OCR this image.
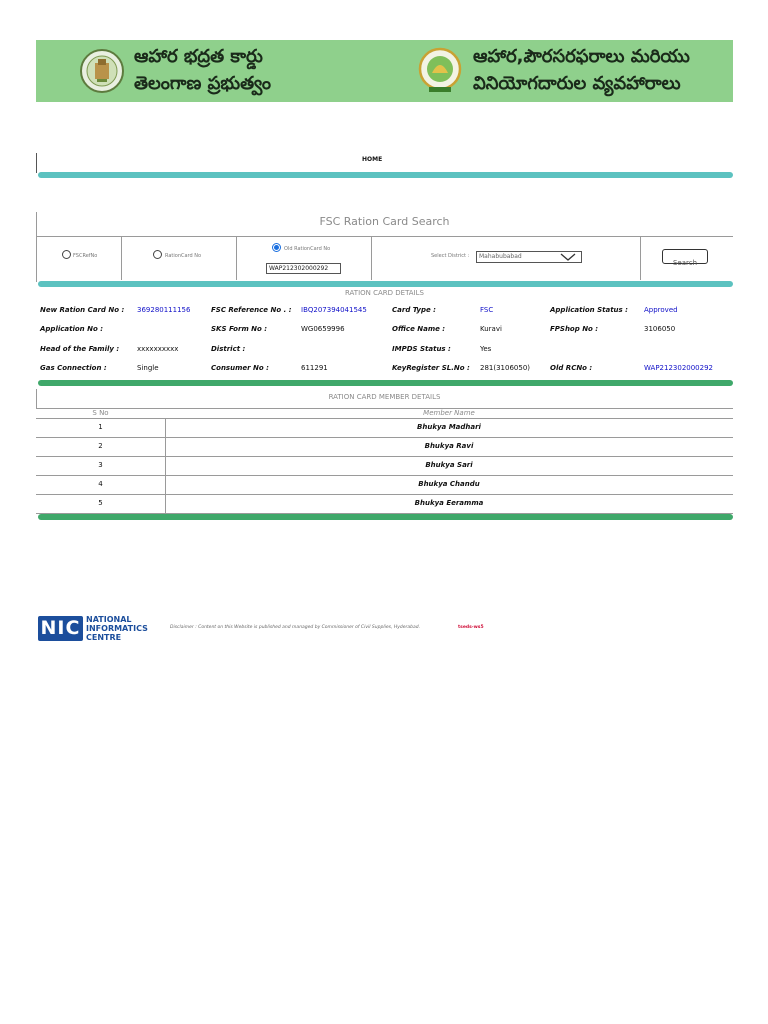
ఆహార భద్రత కార్డు
తెలంగాణ ప్రభుత్వం
ఆహార,పౌరసరఫరాలు మరియు
వినియోగదారుల వ్యవహారాలు
HOME
FSC Ration Card Search
FSCRefNo	RationCard No
Old RationCard No
WAP212302000292
Select District : Mahabubabad
Search
RATION CARD DETAILS
New Ration Card No : 369280111156	FSC Reference No . : IBQ207394041545	Card Type :	FSC	Application Status : Approved
Application No :	SKS Form No :	WG0659996	Office Name :	Kuravi	FPShop No :	3106050
Head of the Family :	xxxxxxxxxx	District :	IMPDS Status :	Yes
Gas Connection :	Single	Consumer No :	611291	KeyRegister SL.No : 281(3106050)	Old RCNo :	WAP212302000292
RATION CARD MEMBER DETAILS
S No	Member Name
1	Bhukya Madhari
2	Bhukya Ravi
3	Bhukya Sari
4	Bhukya Chandu
5	Bhukya Eeramma
NIC NATIONAL
INFORMATICS
CENTRE
Disclaimer : Content on this Website is published and managed by Commissioner of Civil Supplies, Hyderabad.	tseds-ws5
